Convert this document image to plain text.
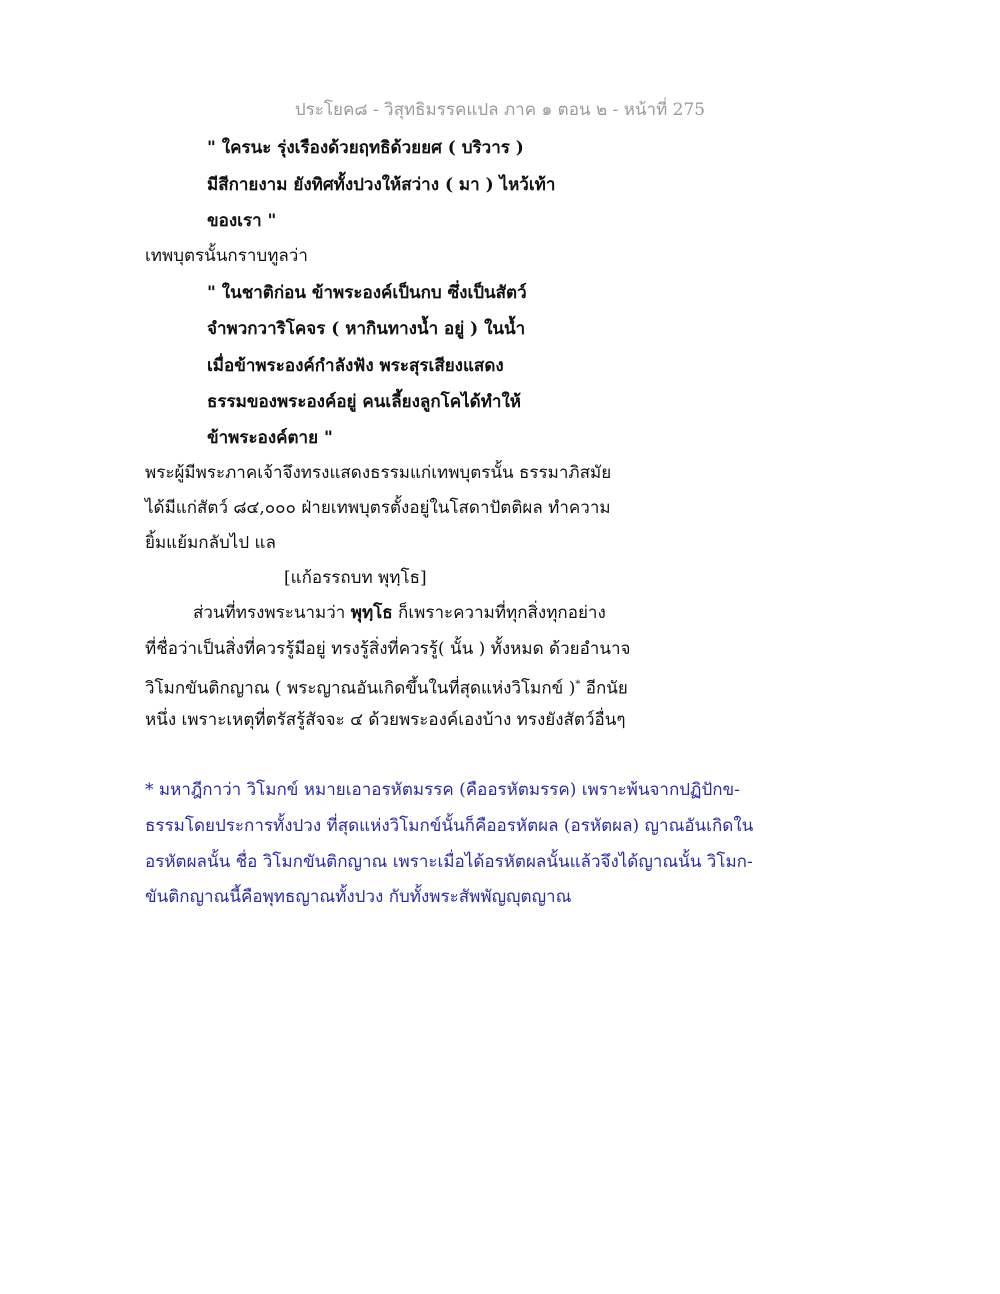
ประโยค๘ - วิสุทธิมรรคแปล ภาค ๑ ตอน ๒ - หน้าที่ 275
" ใครนะ รุ่งเรืองด้วยฤทธิด้วยยศ ( บริวาร )
มีสีกายงาม ยังทิศทั้งปวงให้สว่าง ( มา ) ไหว้เท้า
ของเรา "
เทพบุตรนั้นกราบทูลว่า
" ในชาติก่อน ข้าพระองค์เป็นกบ ซึ่งเป็นสัตว์
จำพวกวาริโคจร ( หากินทางน้ำ อยู่ ) ในน้ำ
เมื่อข้าพระองค์กำลังฟัง พระสุรเสียงแสดง
ธรรมของพระองค์อยู่ คนเลี้ยงลูกโคได้ทำให้
ข้าพระองค์ตาย "
พระผู้มีพระภาคเจ้าจึงทรงแสดงธรรมแก่เทพบุตรนั้น ธรรมาภิสมัย
ได้มีแก่สัตว์ ๘๔,๐๐๐ ฝ่ายเทพบุตรตั้งอยู่ในโสดาปัตติผล ทำความ
ยิ้มแย้มกลับไป แล
[แก้อรรถบท พุทฺโธ]
ส่วนที่ทรงพระนามว่า พุทฺโธ ก็เพราะความที่ทุกสิ่งทุกอย่าง
ที่ชื่อว่าเป็นสิ่งที่ควรรู้มีอยู่ ทรงรู้สิ่งที่ควรรู้( นั้น ) ทั้งหมด ด้วยอำนาจ
วิโมกขันติกญาณ ( พระญาณอันเกิดขึ้นในที่สุดแห่งวิโมกข์ )* อีกนัย
หนึ่ง เพราะเหตุที่ตรัสรู้สัจจะ ๔ ด้วยพระองค์เองบ้าง ทรงยังสัตว์อื่นๆ
* มหาฎีกาว่า วิโมกข์ หมายเอาอรหัตมรรค (คืออรหัตมรรค) เพราะพ้นจากปฏิปักข-
ธรรมโดยประการทั้งปวง ที่สุดแห่งวิโมกข์นั้นก็คืออรหัตผล (อรหัตผล) ญาณอันเกิดใน
อรหัตผลนั้น ชื่อ วิโมกขันติกญาณ เพราะเมื่อได้อรหัตผลนั้นแล้วจึงได้ญาณนั้น วิโมก-
ขันติกญาณนี้คือพุทธญาณทั้งปวง กับทั้งพระสัพพัญญุตญาณ
